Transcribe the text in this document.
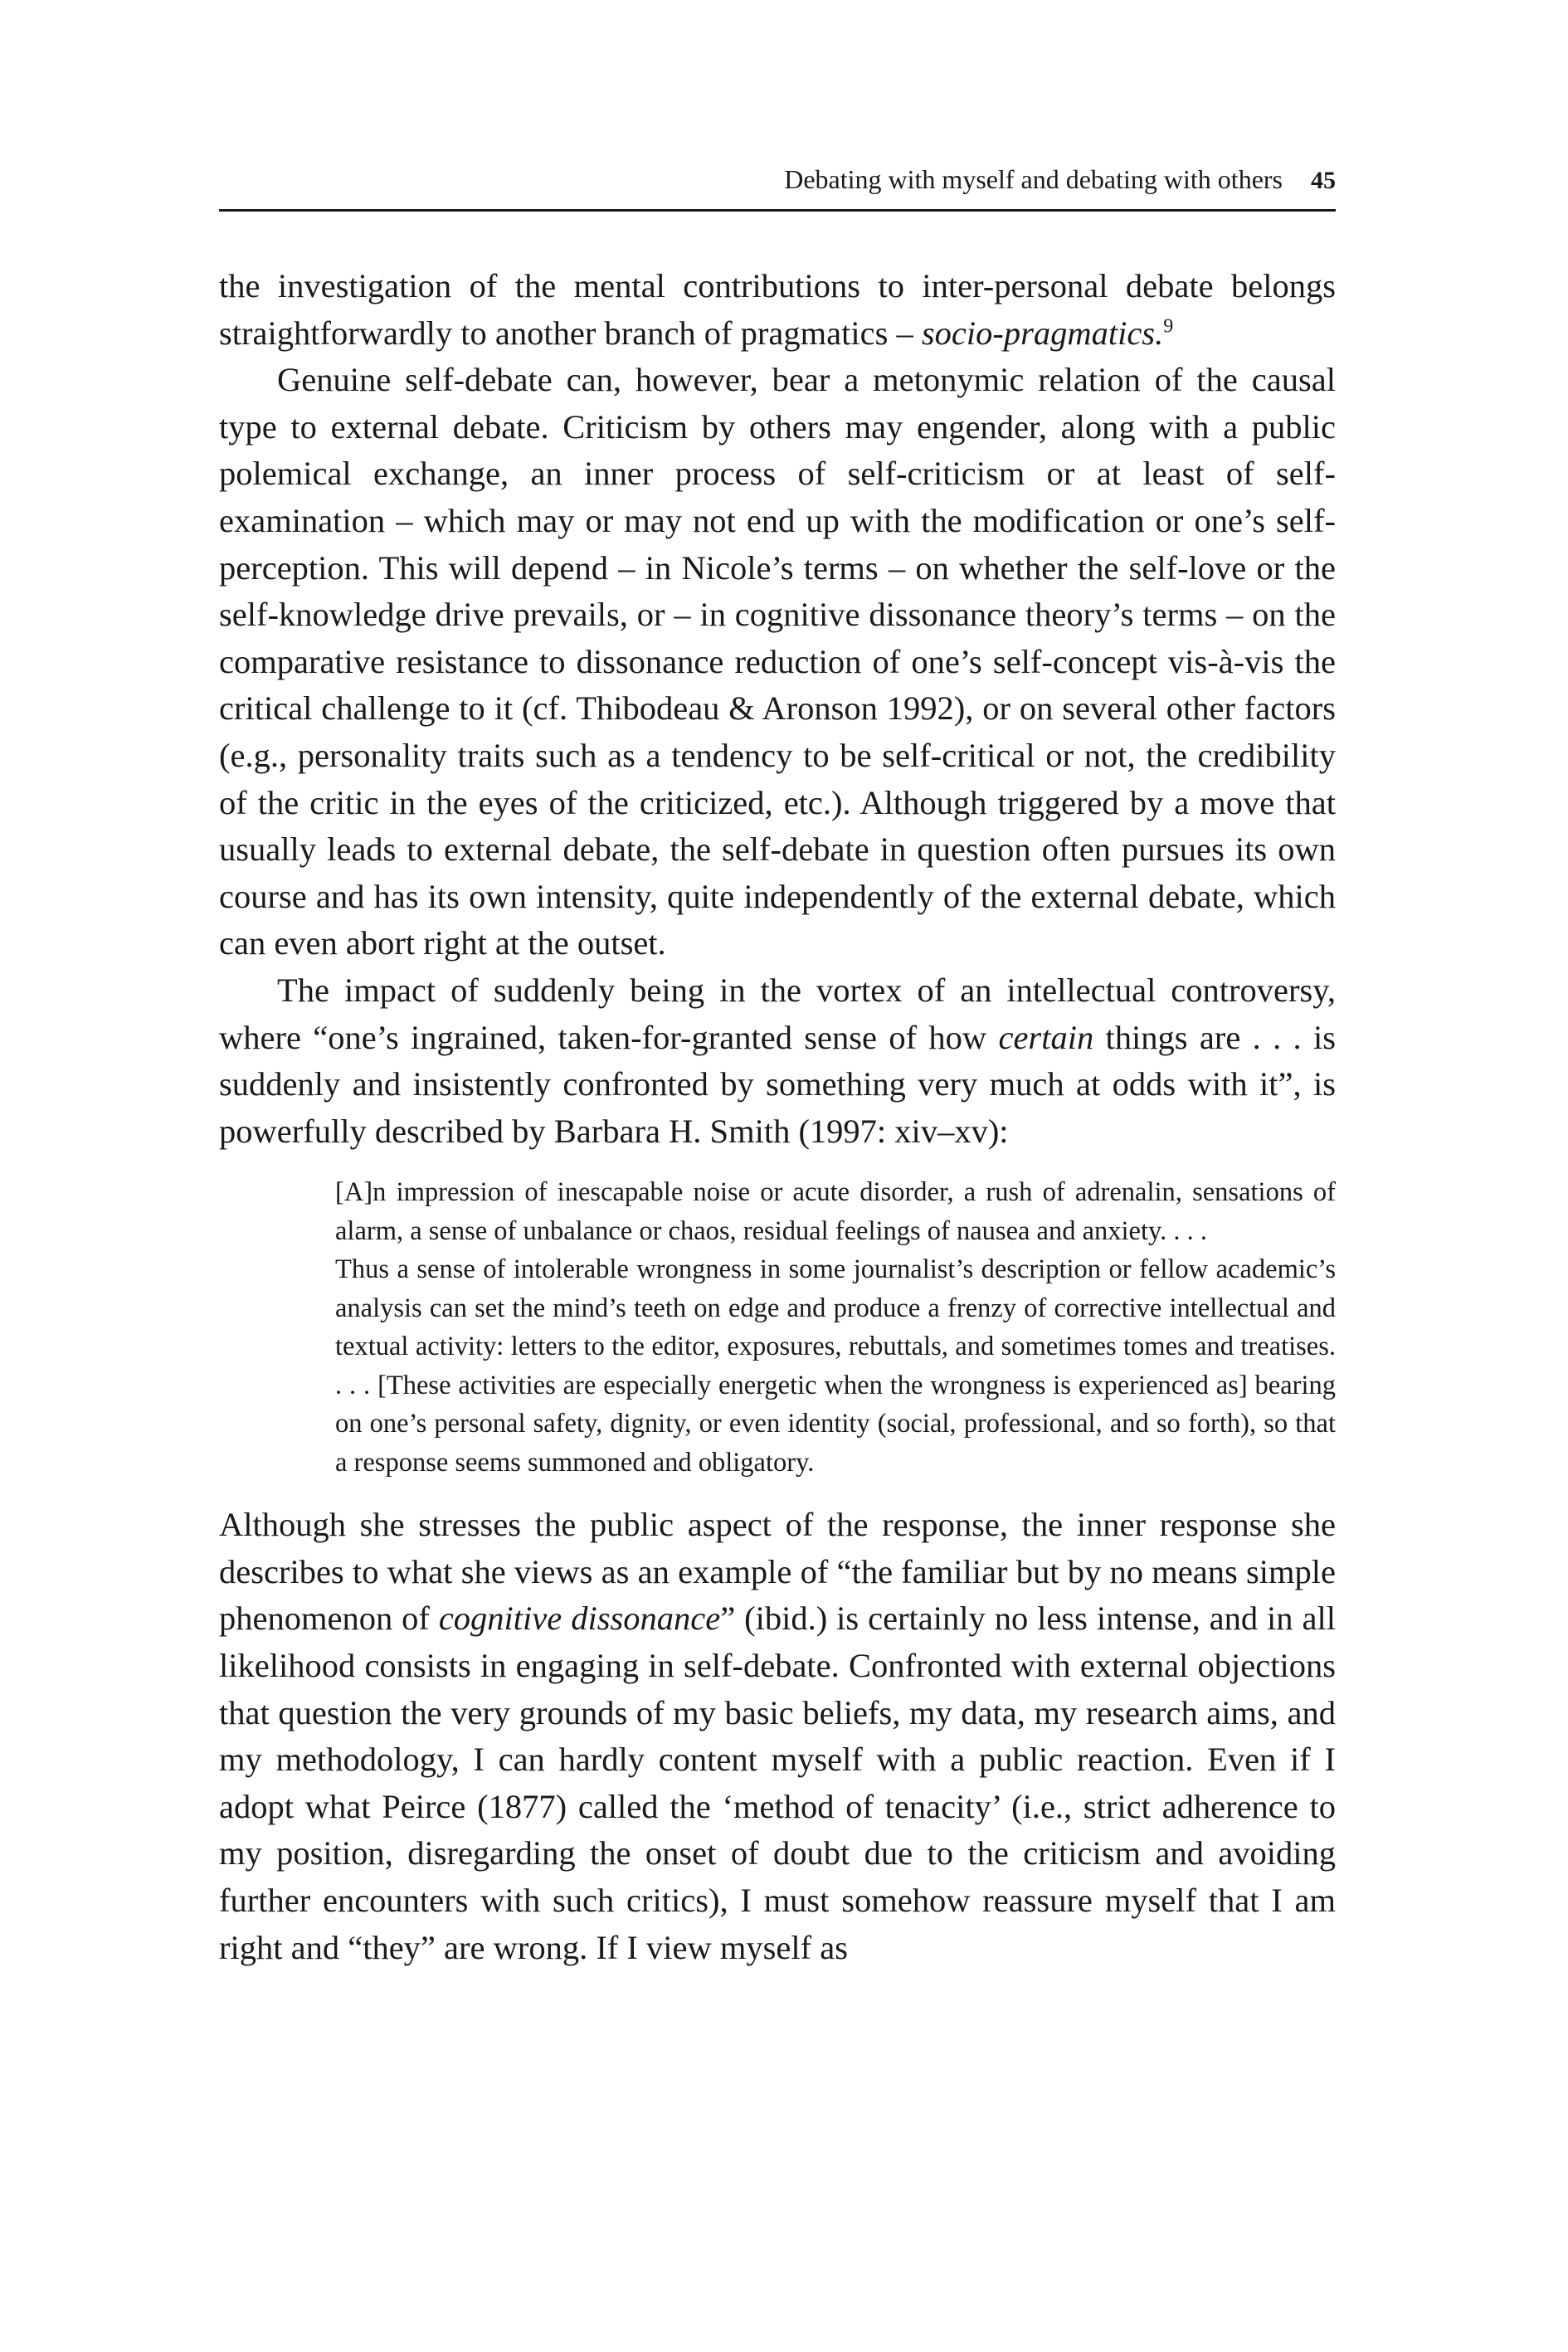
Debating with myself and debating with others 45

the investigation of the mental contributions to inter-personal debate belongs straightforwardly to another branch of pragmatics – socio-pragmatics.$^9$

Genuine self-debate can, however, bear a metonymic relation of the causal type to external debate. Criticism by others may engender, along with a public polemical exchange, an inner process of self-criticism or at least of self-examination – which may or may not end up with the modification or one’s self-perception. This will depend – in Nicole’s terms – on whether the self-love or the self-knowledge drive prevails, or – in cognitive dissonance theory’s terms – on the comparative resistance to dissonance reduction of one’s self-concept vis-à-vis the critical challenge to it (cf. Thibodeau & Aronson 1992), or on several other factors (e.g., personality traits such as a tendency to be self-critical or not, the credibility of the critic in the eyes of the criticized, etc.). Although triggered by a move that usually leads to external debate, the self-debate in question often pursues its own course and has its own intensity, quite independently of the external debate, which can even abort right at the outset.

The impact of suddenly being in the vortex of an intellectual controversy, where “one’s ingrained, taken-for-granted sense of how certain things are . . . is suddenly and insistently confronted by something very much at odds with it”, is powerfully described by Barbara H. Smith (1997: xiv–xv):

[A]n impression of inescapable noise or acute disorder, a rush of adrenalin, sensations of alarm, a sense of unbalance or chaos, residual feelings of nausea and anxiety. . . .

Thus a sense of intolerable wrongness in some journalist’s description or fellow academic’s analysis can set the mind’s teeth on edge and produce a frenzy of corrective intellectual and textual activity: letters to the editor, exposures, rebuttals, and sometimes tomes and treatises. . . . [These activities are especially energetic when the wrongness is experienced as] bearing on one’s personal safety, dignity, or even identity (social, professional, and so forth), so that a response seems summoned and obligatory.

Although she stresses the public aspect of the response, the inner response she describes to what she views as an example of “the familiar but by no means simple phenomenon of cognitive dissonance” (ibid.) is certainly no less intense, and in all likelihood consists in engaging in self-debate. Confronted with external objections that question the very grounds of my basic beliefs, my data, my research aims, and my methodology, I can hardly content myself with a public reaction. Even if I adopt what Peirce (1877) called the ‘method of tenacity’ (i.e., strict adherence to my position, disregarding the onset of doubt due to the criticism and avoiding further encounters with such critics), I must somehow reassure myself that I am right and “they” are wrong. If I view myself as
